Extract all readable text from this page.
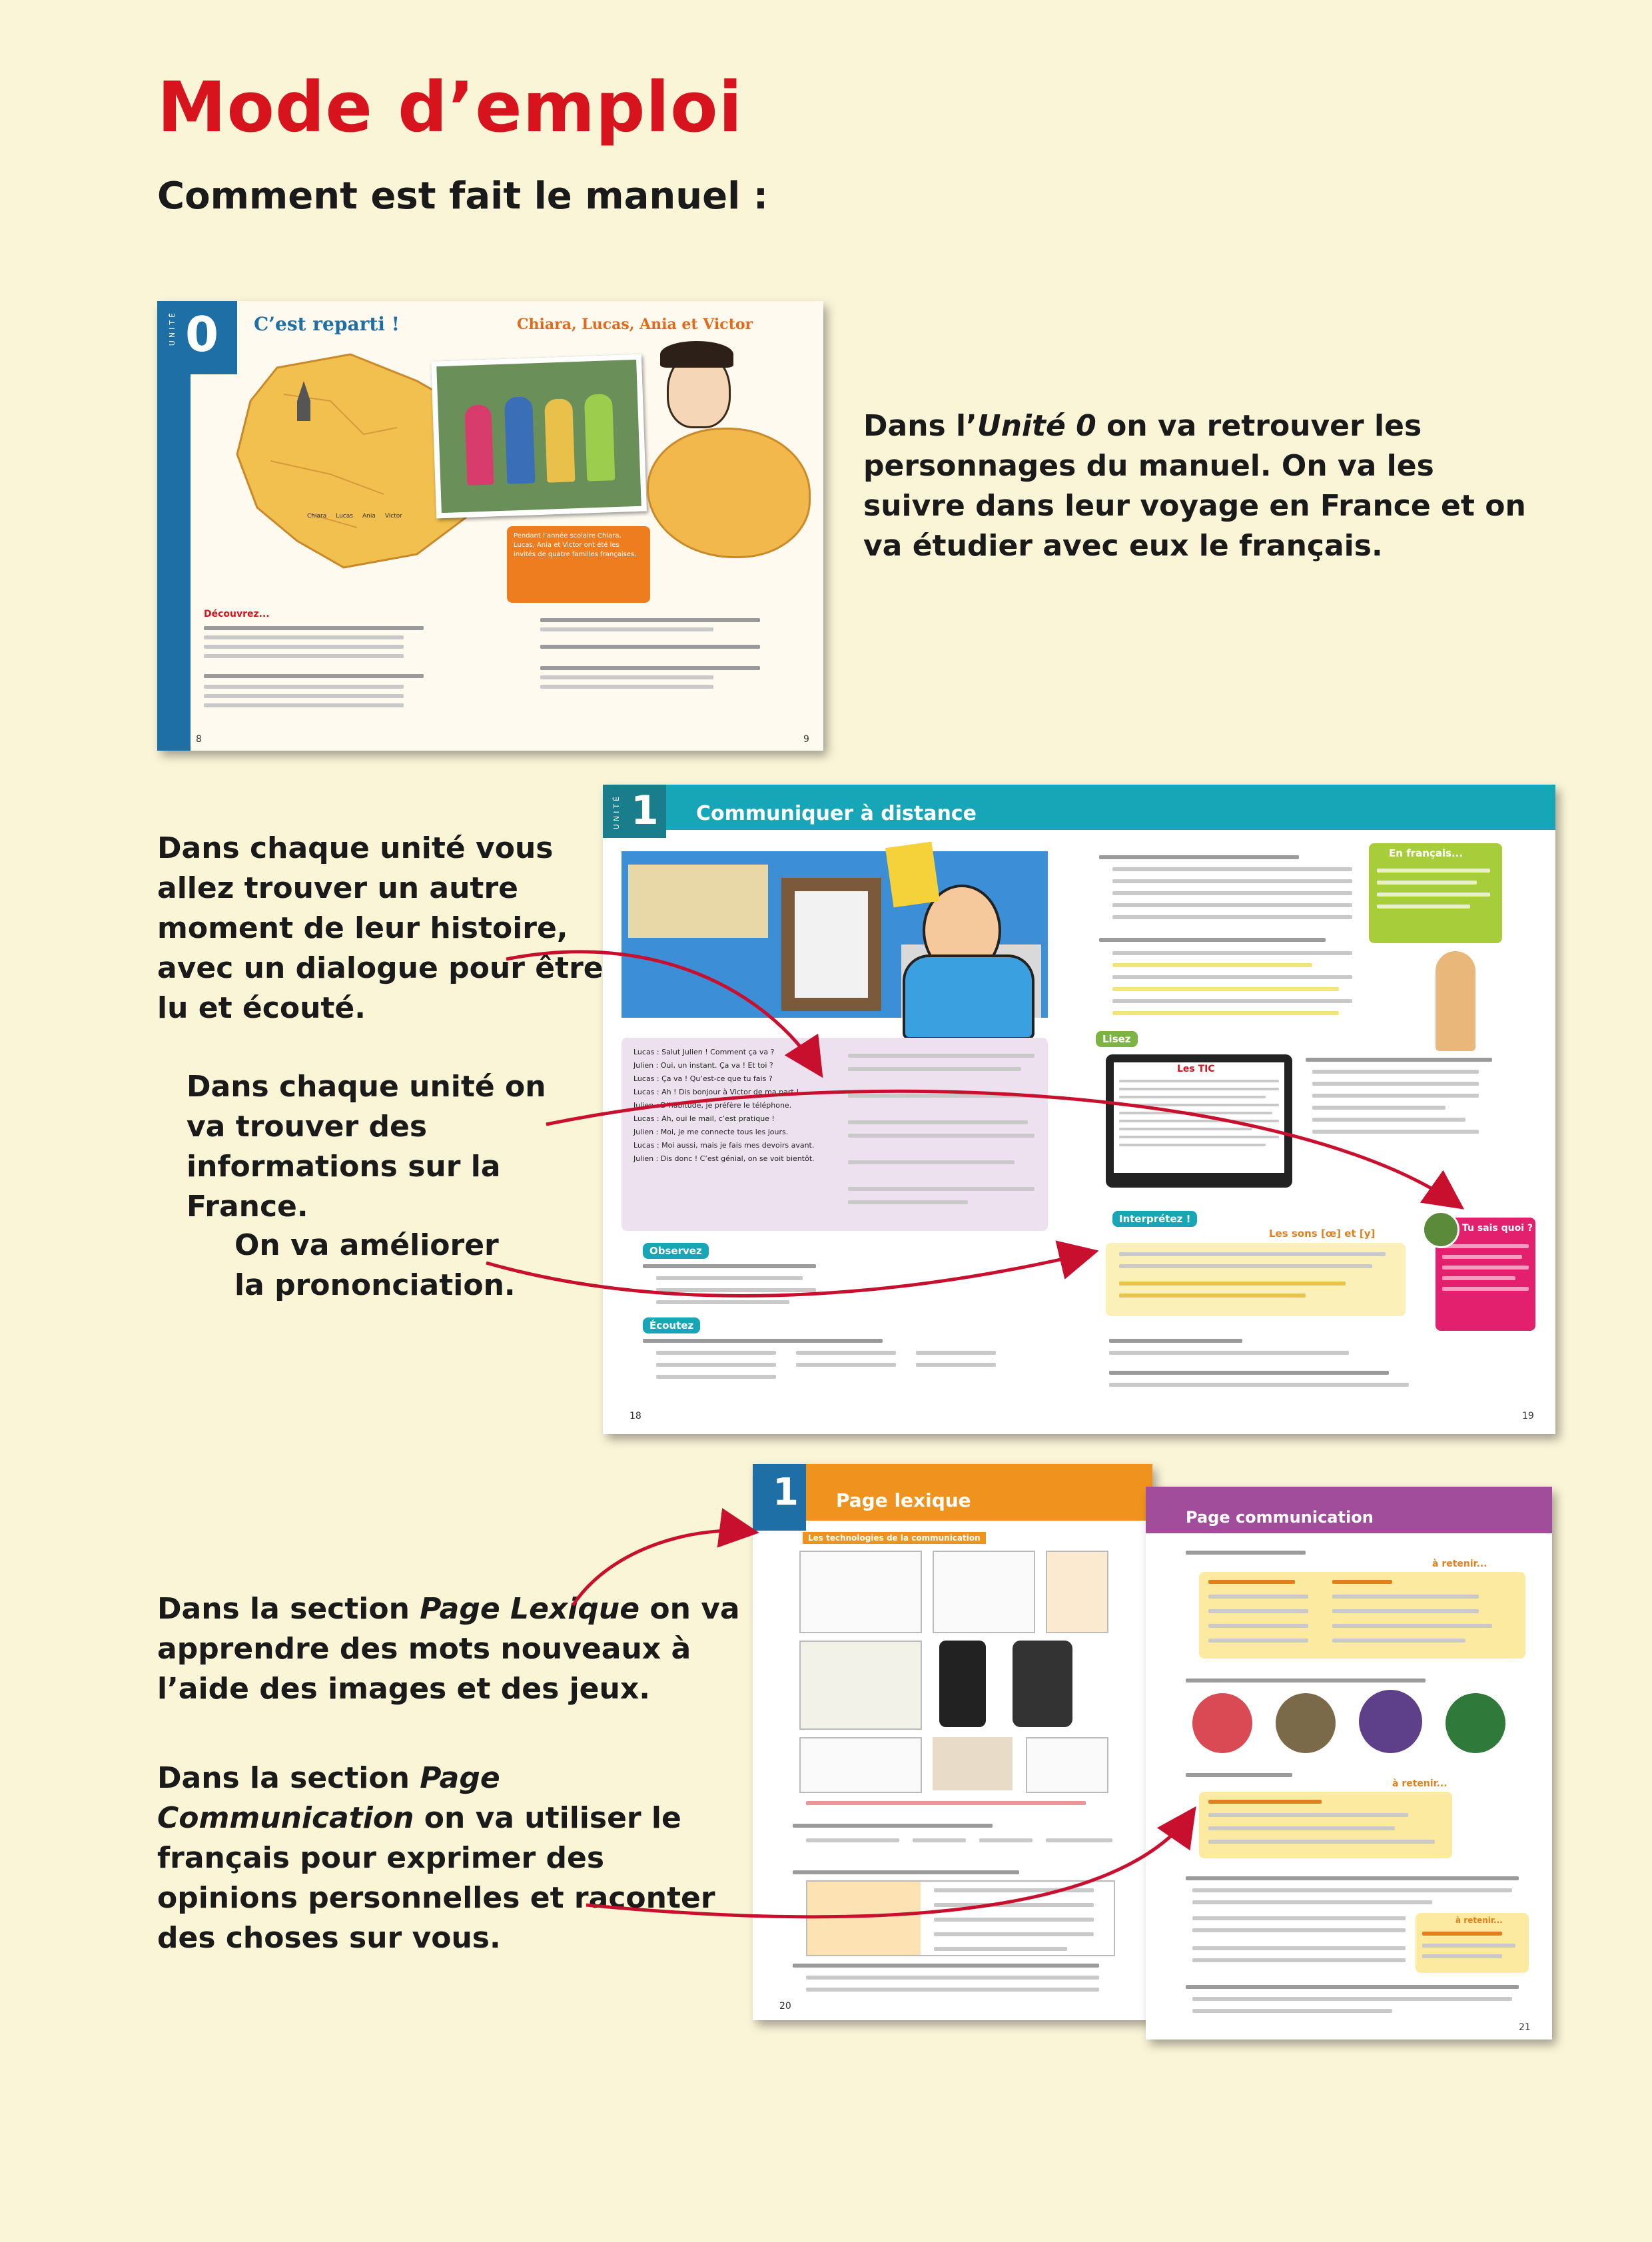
Mode d’emploi
Comment est fait le manuel :
UNITÉ 0 C’est reparti !	Chiara, Lucas, Ania et Victor
Pendant l’année scolaire Chiara, Lucas, Ania et Victor ont été les invités de quatre familles françaises.
Chiara Lucas Ania Victor
Découvrez...
8	9

Dans l’Unité 0 on va retrouver les personnages du manuel. On va les suivre dans leur voyage en France et on va étudier avec eux le français.

UNITÉ 1 Communiquer à distance
Lucas : Salut Julien ! Comment ça va ?
Julien : Oui, un instant. Ça va ! Et toi ?
Lucas : Ça va ! Qu’est-ce que tu fais ?
Lucas : Ah ! Dis bonjour à Victor de ma part !
Julien : D’habitude, je préfère le téléphone.
Lucas : Ah, oui le mail, c’est pratique !
Julien : Moi, je me connecte tous les jours.
Lucas : Moi aussi, mais je fais mes devoirs avant.
Julien : Dis donc ! C’est génial, on se voit bientôt.
Observez
Écoutez
En français...
Lisez
Les TIC
Tu sais quoi ?
Interprétez !
Les sons [œ] et [y]
18	19

Dans chaque unité vous allez trouver un autre moment de leur histoire, avec un dialogue pour être lu et écouté.

Dans chaque unité on va trouver des informations sur la France.

On va améliorer la prononciation.

1 Page lexique
Les technologies de la communication
20
Page communication
à retenir...
à retenir...
à retenir...
21

Dans la section Page Lexique on va apprendre des mots nouveaux à l’aide des images et des jeux.

Dans la section Page Communication on va utiliser le français pour exprimer des opinions personnelles et raconter des choses sur vous.
